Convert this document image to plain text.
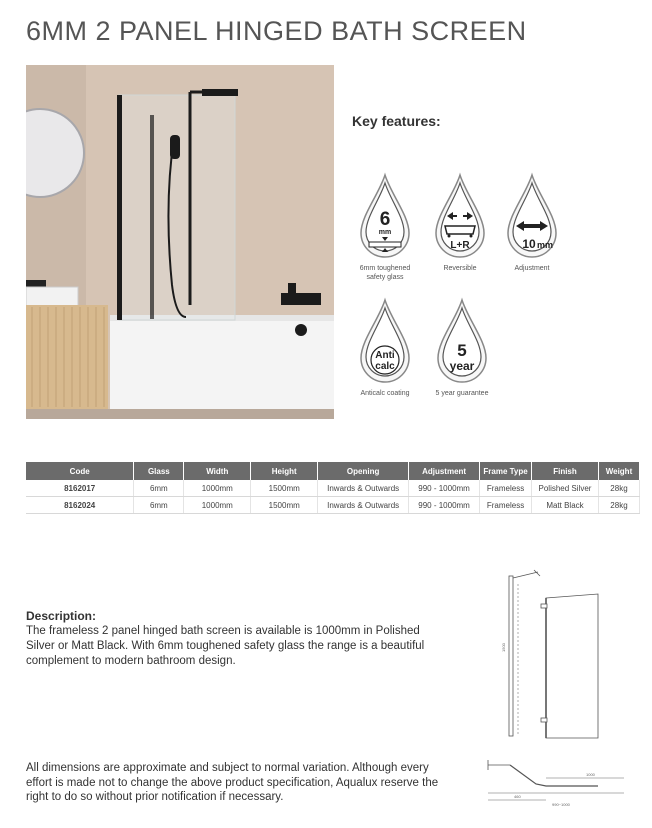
6MM 2 PANEL HINGED BATH SCREEN
Key features:
6
mm
6mm toughened
safety glass
L+R
Reversible
10 mm
Adjustment
Anti
calc
Anticalc coating
5
year
5 year guarantee
Code	Glass	Width	Height	Opening	Adjustment	Frame Type	Finish	Weight
8162017	6mm	1000mm	1500mm	Inwards & Outwards	990 - 1000mm	Frameless	Polished Silver	28kg
8162024	6mm	1000mm	1500mm	Inwards & Outwards	990 - 1000mm	Frameless	Matt Black	28kg
Description:
The frameless 2 panel hinged bath screen is available is 1000mm in Polished Silver or Matt Black. With 6mm toughened safety glass the range is a beautiful complement to modern bathroom design.
All dimensions are approximate and subject to normal variation. Although every effort is made not to change the above product specification, Aqualux reserve the right to do so without prior notification if necessary.
1500
1000
460
990~1000
